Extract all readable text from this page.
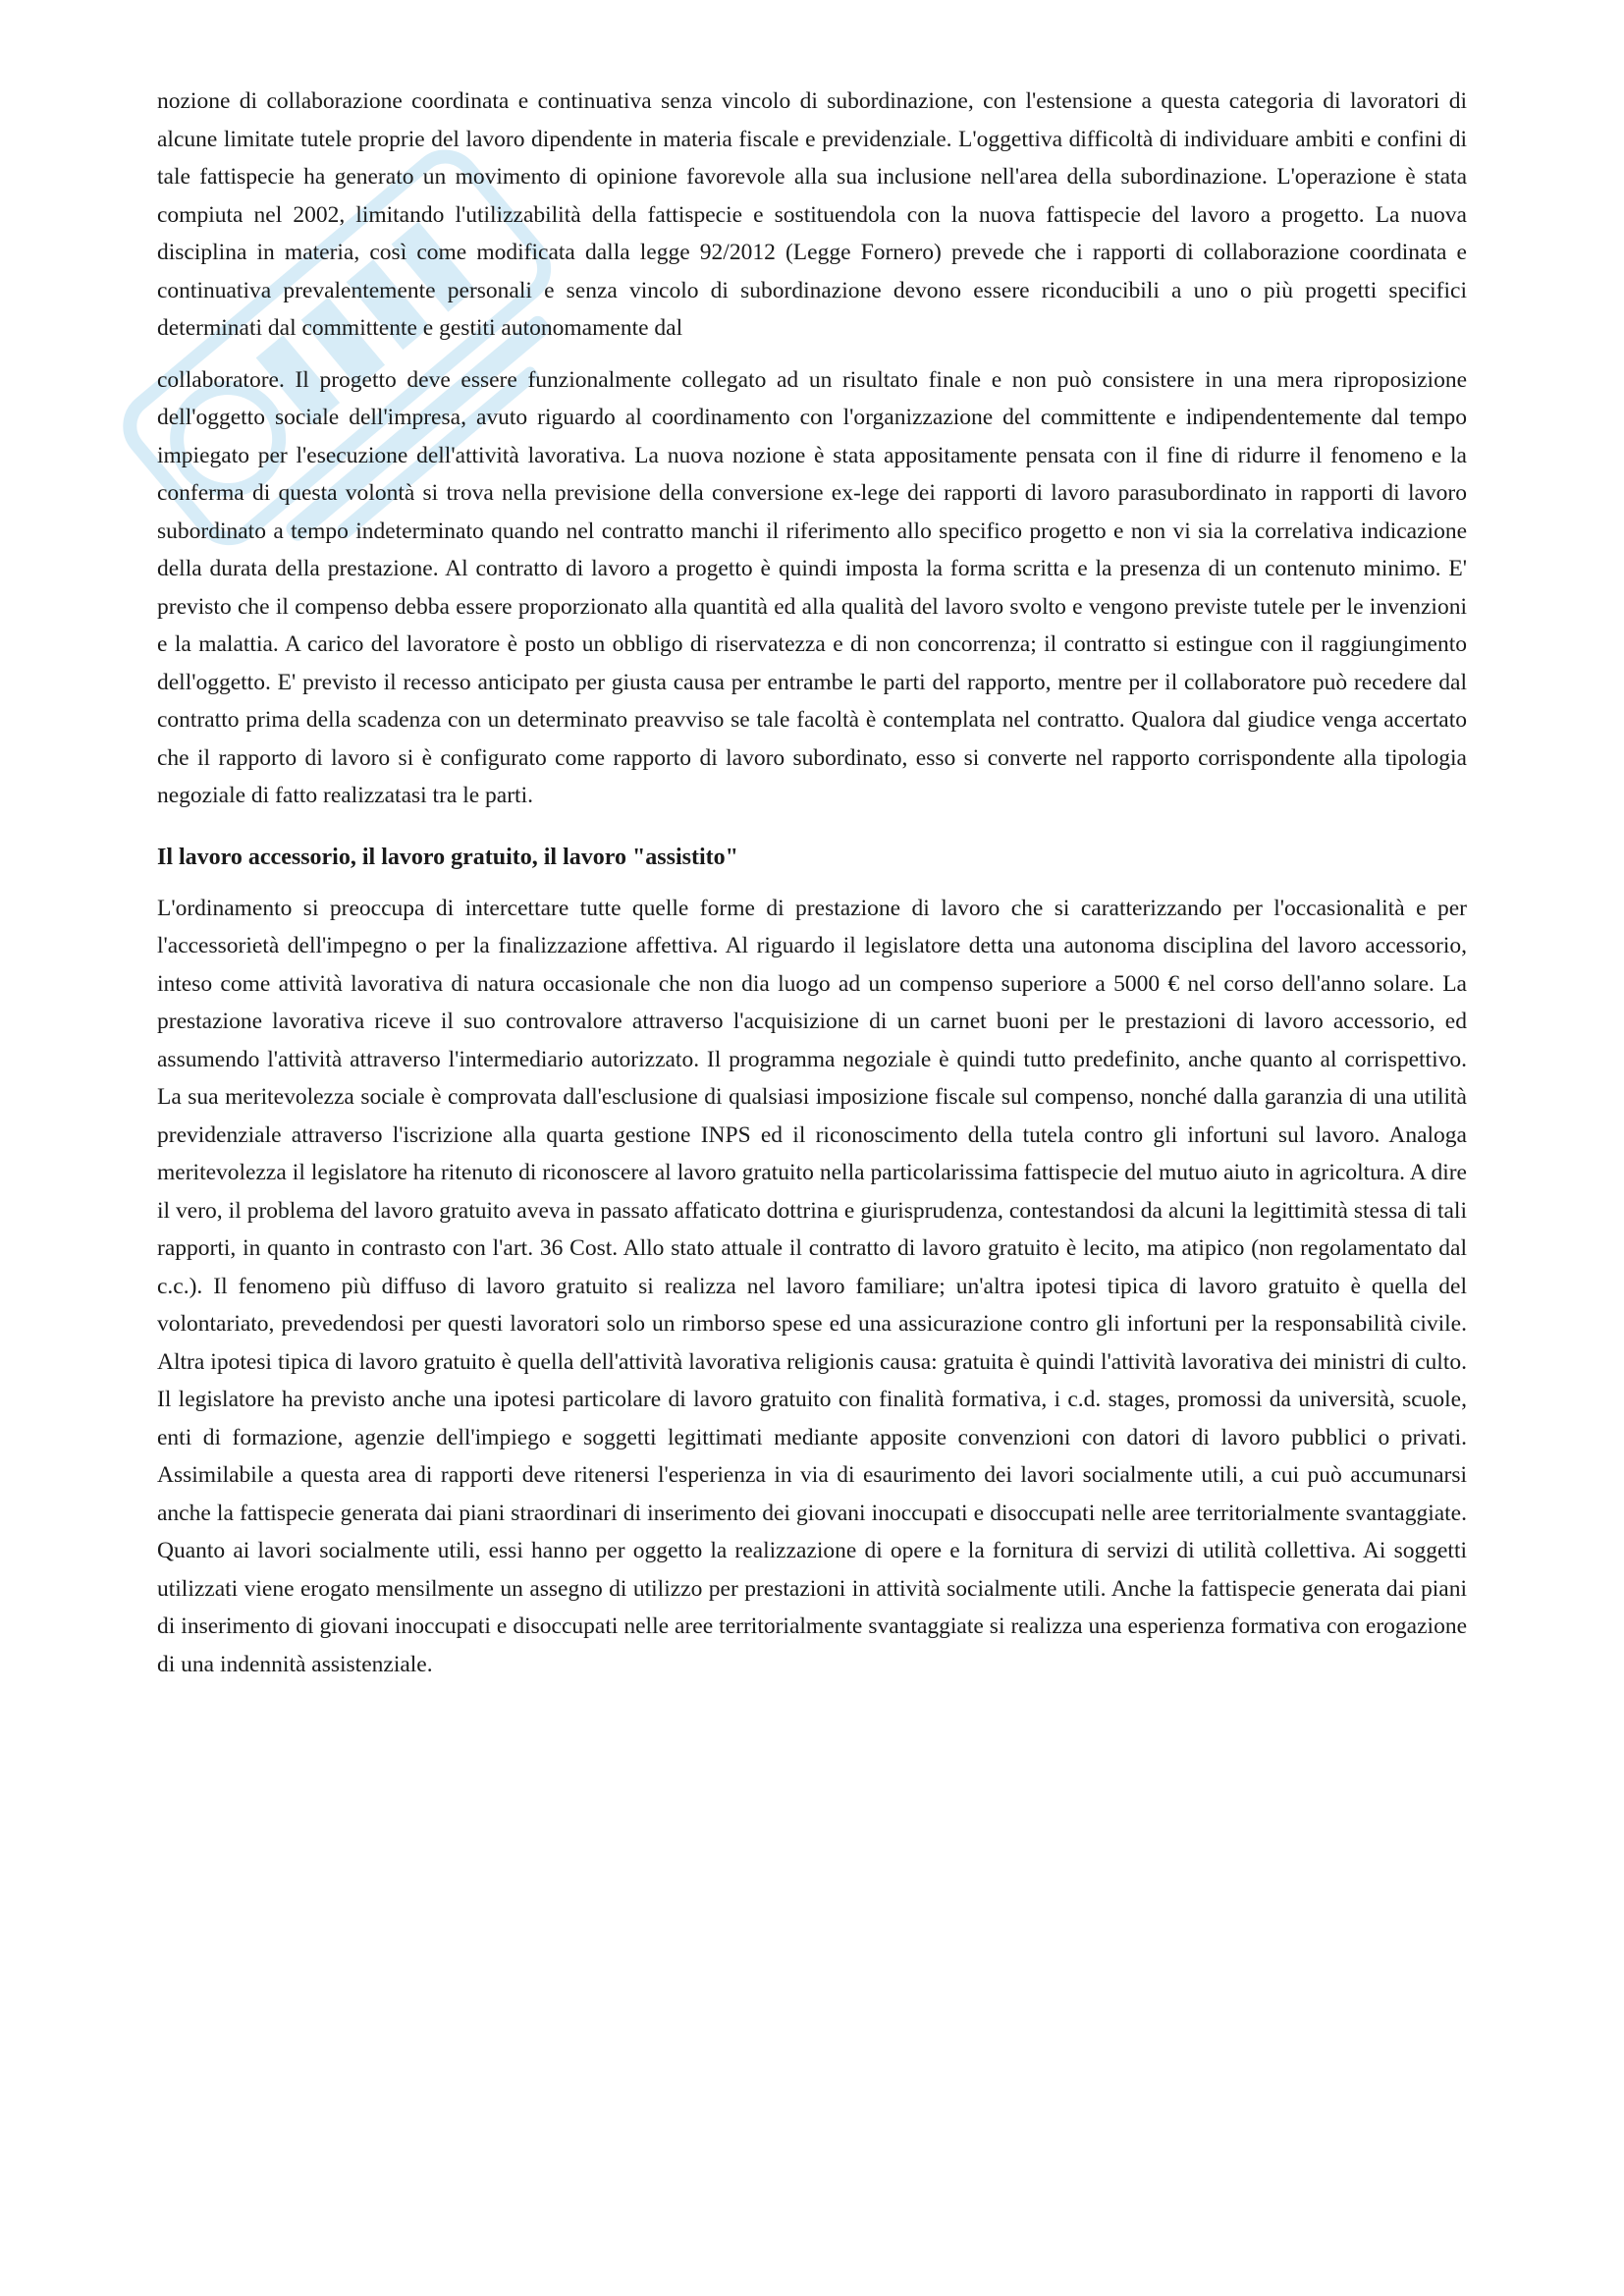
nozione di collaborazione coordinata e continuativa senza vincolo di subordinazione, con l'estensione a questa categoria di lavoratori di alcune limitate tutele proprie del lavoro dipendente in materia fiscale e previdenziale. L'oggettiva difficoltà di individuare ambiti e confini di tale fattispecie ha generato un movimento di opinione favorevole alla sua inclusione nell'area della subordinazione. L'operazione è stata compiuta nel 2002, limitando l'utilizzabilità della fattispecie e sostituendola con la nuova fattispecie del lavoro a progetto. La nuova disciplina in materia, così come modificata dalla legge 92/2012 (Legge Fornero) prevede che i rapporti di collaborazione coordinata e continuativa prevalentemente personali e senza vincolo di subordinazione devono essere riconducibili a uno o più progetti specifici determinati dal committente e gestiti autonomamente dal

collaboratore. Il progetto deve essere funzionalmente collegato ad un risultato finale e non può consistere in una mera riproposizione dell'oggetto sociale dell'impresa, avuto riguardo al coordinamento con l'organizzazione del committente e indipendentemente dal tempo impiegato per l'esecuzione dell'attività lavorativa. La nuova nozione è stata appositamente pensata con il fine di ridurre il fenomeno e la conferma di questa volontà si trova nella previsione della conversione ex-lege dei rapporti di lavoro parasubordinato in rapporti di lavoro subordinato a tempo indeterminato quando nel contratto manchi il riferimento allo specifico progetto e non vi sia la correlativa indicazione della durata della prestazione. Al contratto di lavoro a progetto è quindi imposta la forma scritta e la presenza di un contenuto minimo. E' previsto che il compenso debba essere proporzionato alla quantità ed alla qualità del lavoro svolto e vengono previste tutele per le invenzioni e la malattia. A carico del lavoratore è posto un obbligo di riservatezza e di non concorrenza; il contratto si estingue con il raggiungimento dell'oggetto. E' previsto il recesso anticipato per giusta causa per entrambe le parti del rapporto, mentre per il collaboratore può recedere dal contratto prima della scadenza con un determinato preavviso se tale facoltà è contemplata nel contratto. Qualora dal giudice venga accertato che il rapporto di lavoro si è configurato come rapporto di lavoro subordinato, esso si converte nel rapporto corrispondente alla tipologia negoziale di fatto realizzatasi tra le parti.

Il lavoro accessorio, il lavoro gratuito, il lavoro "assistito"

L'ordinamento si preoccupa di intercettare tutte quelle forme di prestazione di lavoro che si caratterizzando per l'occasionalità e per l'accessorietà dell'impegno o per la finalizzazione affettiva. Al riguardo il legislatore detta una autonoma disciplina del lavoro accessorio, inteso come attività lavorativa di natura occasionale che non dia luogo ad un compenso superiore a 5000 € nel corso dell'anno solare. La prestazione lavorativa riceve il suo controvalore attraverso l'acquisizione di un carnet buoni per le prestazioni di lavoro accessorio, ed assumendo l'attività attraverso l'intermediario autorizzato. Il programma negoziale è quindi tutto predefinito, anche quanto al corrispettivo. La sua meritevolezza sociale è comprovata dall'esclusione di qualsiasi imposizione fiscale sul compenso, nonché dalla garanzia di una utilità previdenziale attraverso l'iscrizione alla quarta gestione INPS ed il riconoscimento della tutela contro gli infortuni sul lavoro. Analoga meritevolezza il legislatore ha ritenuto di riconoscere al lavoro gratuito nella particolarissima fattispecie del mutuo aiuto in agricoltura. A dire il vero, il problema del lavoro gratuito aveva in passato affaticato dottrina e giurisprudenza, contestandosi da alcuni la legittimità stessa di tali rapporti, in quanto in contrasto con l'art. 36 Cost. Allo stato attuale il contratto di lavoro gratuito è lecito, ma atipico (non regolamentato dal c.c.). Il fenomeno più diffuso di lavoro gratuito si realizza nel lavoro familiare; un'altra ipotesi tipica di lavoro gratuito è quella del volontariato, prevedendosi per questi lavoratori solo un rimborso spese ed una assicurazione contro gli infortuni per la responsabilità civile. Altra ipotesi tipica di lavoro gratuito è quella dell'attività lavorativa religionis causa: gratuita è quindi l'attività lavorativa dei ministri di culto. Il legislatore ha previsto anche una ipotesi particolare di lavoro gratuito con finalità formativa, i c.d. stages, promossi da università, scuole, enti di formazione, agenzie dell'impiego e soggetti legittimati mediante apposite convenzioni con datori di lavoro pubblici o privati. Assimilabile a questa area di rapporti deve ritenersi l'esperienza in via di esaurimento dei lavori socialmente utili, a cui può accumunarsi anche la fattispecie generata dai piani straordinari di inserimento dei giovani inoccupati e disoccupati nelle aree territorialmente svantaggiate. Quanto ai lavori socialmente utili, essi hanno per oggetto la realizzazione di opere e la fornitura di servizi di utilità collettiva. Ai soggetti utilizzati viene erogato mensilmente un assegno di utilizzo per prestazioni in attività socialmente utili. Anche la fattispecie generata dai piani di inserimento di giovani inoccupati e disoccupati nelle aree territorialmente svantaggiate si realizza una esperienza formativa con erogazione di una indennità assistenziale.
